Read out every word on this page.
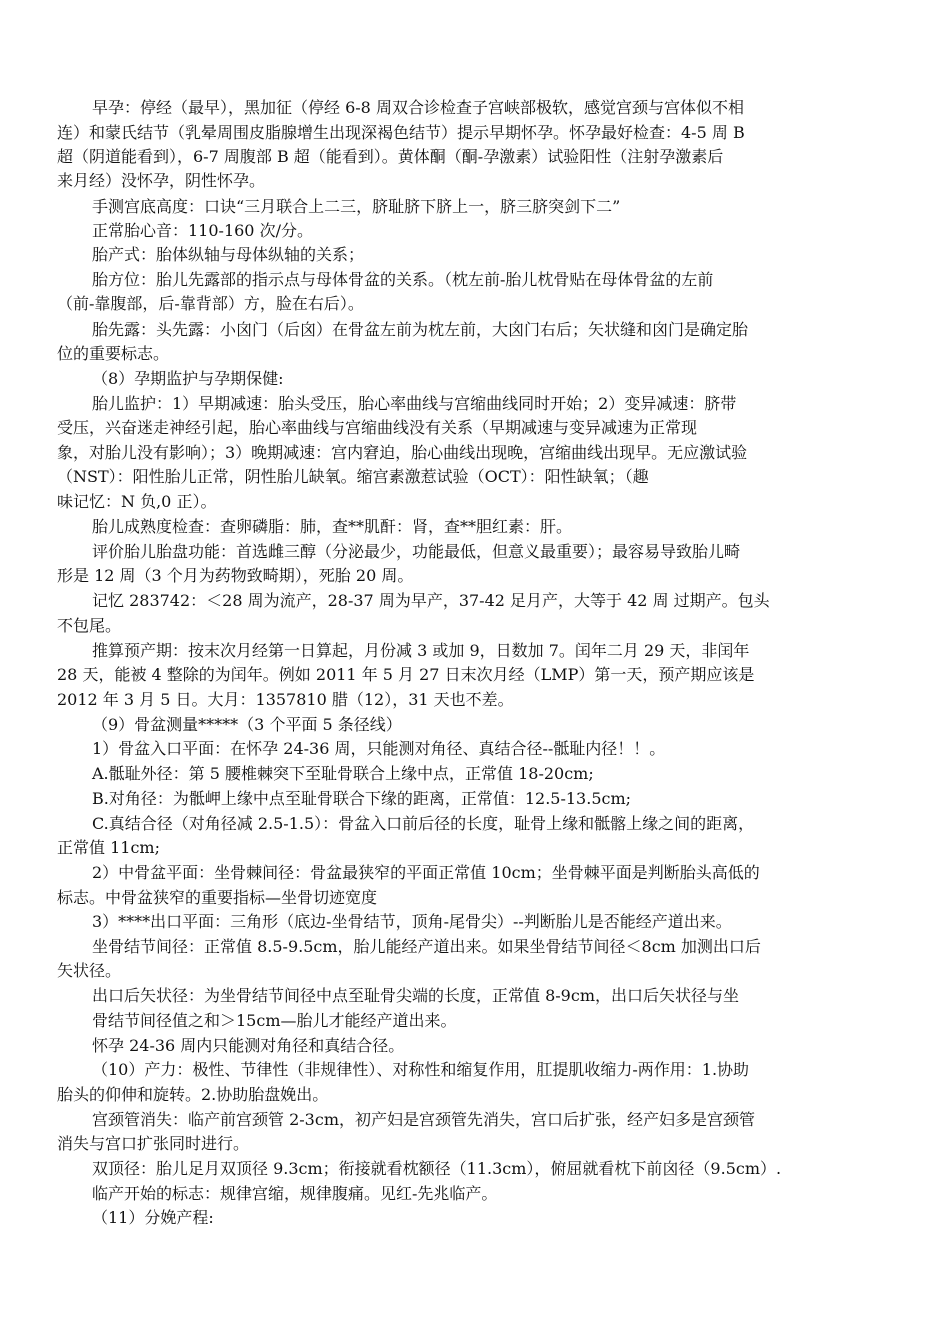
早孕：停经（最早），黑加征（停经 6-8 周双合诊检查子宫峡部极软，感觉宫颈与宫体似不相

连）和蒙氏结节（乳晕周围皮脂腺增生出现深褐色结节）提示早期怀孕。怀孕最好检查：4-5 周 B

超（阴道能看到），6-7 周腹部 B 超（能看到）。黄体酮（酮-孕激素）试验阳性（注射孕激素后

来月经）没怀孕，阴性怀孕。

手测宫底高度：口诀“三月联合上二三，脐耻脐下脐上一，脐三脐突剑下二”

正常胎心音：110-160 次/分。

胎产式：胎体纵轴与母体纵轴的关系；

胎方位：胎儿先露部的指示点与母体骨盆的关系。（枕左前-胎儿枕骨贴在母体骨盆的左前

（前-靠腹部，后-靠背部）方，脸在右后）。

胎先露：头先露：小囟门（后囟）在骨盆左前为枕左前，大囟门右后；矢状缝和囟门是确定胎

位的重要标志。

（8）孕期监护与孕期保健:

胎儿监护：1）早期减速：胎头受压，胎心率曲线与宫缩曲线同时开始；2）变异减速：脐带

受压，兴奋迷走神经引起，胎心率曲线与宫缩曲线没有关系（早期减速与变异减速为正常现

象，对胎儿没有影响）；3）晚期减速：宫内窘迫，胎心曲线出现晚，宫缩曲线出现早。无应激试验

（NST）：阳性胎儿正常，阴性胎儿缺氧。缩宫素激惹试验（OCT）：阳性缺氧；（趣

味记忆：N 负,0 正）。

胎儿成熟度检查：查卵磷脂：肺，查**肌酐：肾，查**胆红素：肝。

评价胎儿胎盘功能：首选雌三醇（分泌最少，功能最低，但意义最重要）；最容易导致胎儿畸

形是 12 周（3 个月为药物致畸期），死胎 20 周。

记忆 283742：＜28 周为流产，28-37 周为早产，37-42 足月产，大等于 42 周 过期产。包头

不包尾。

推算预产期：按末次月经第一日算起，月份减 3 或加 9，日数加 7。闰年二月 29 天，非闰年

28 天，能被 4 整除的为闰年。例如 2011 年 5 月 27 日末次月经（LMP）第一天，预产期应该是

2012 年 3 月 5 日。大月：1357810 腊（12），31 天也不差。

（9）骨盆测量*****（3 个平面 5 条径线）

1）骨盆入口平面：在怀孕 24-36 周，只能测对角径、真结合径--骶耻内径！！。

A.骶耻外径：第 5 腰椎棘突下至耻骨联合上缘中点，正常值 18-20cm;

B.对角径：为骶岬上缘中点至耻骨联合下缘的距离，正常值：12.5-13.5cm;

C.真结合径（对角径减 2.5-1.5）：骨盆入口前后径的长度，耻骨上缘和骶髂上缘之间的距离，

正常值 11cm;

2）中骨盆平面：坐骨棘间径：骨盆最狭窄的平面正常值 10cm；坐骨棘平面是判断胎头高低的

标志。中骨盆狭窄的重要指标—坐骨切迹宽度

3）****出口平面：三角形（底边-坐骨结节，顶角-尾骨尖）--判断胎儿是否能经产道出来。

坐骨结节间径：正常值 8.5-9.5cm，胎儿能经产道出来。如果坐骨结节间径＜8cm 加测出口后

矢状径。

出口后矢状径：为坐骨结节间径中点至耻骨尖端的长度，正常值 8-9cm，出口后矢状径与坐

骨结节间径值之和＞15cm—胎儿才能经产道出来。

怀孕 24-36 周内只能测对角径和真结合径。

（10）产力：极性、节律性（非规律性）、对称性和缩复作用，肛提肌收缩力-两作用：1.协助

胎头的仰伸和旋转。2.协助胎盘娩出。

宫颈管消失：临产前宫颈管 2-3cm，初产妇是宫颈管先消失，宫口后扩张，经产妇多是宫颈管

消失与宫口扩张同时进行。

双顶径：胎儿足月双顶径 9.3cm；衔接就看枕额径（11.3cm），俯屈就看枕下前囟径（9.5cm）.

临产开始的标志：规律宫缩，规律腹痛。见红-先兆临产。

（11）分娩产程:
